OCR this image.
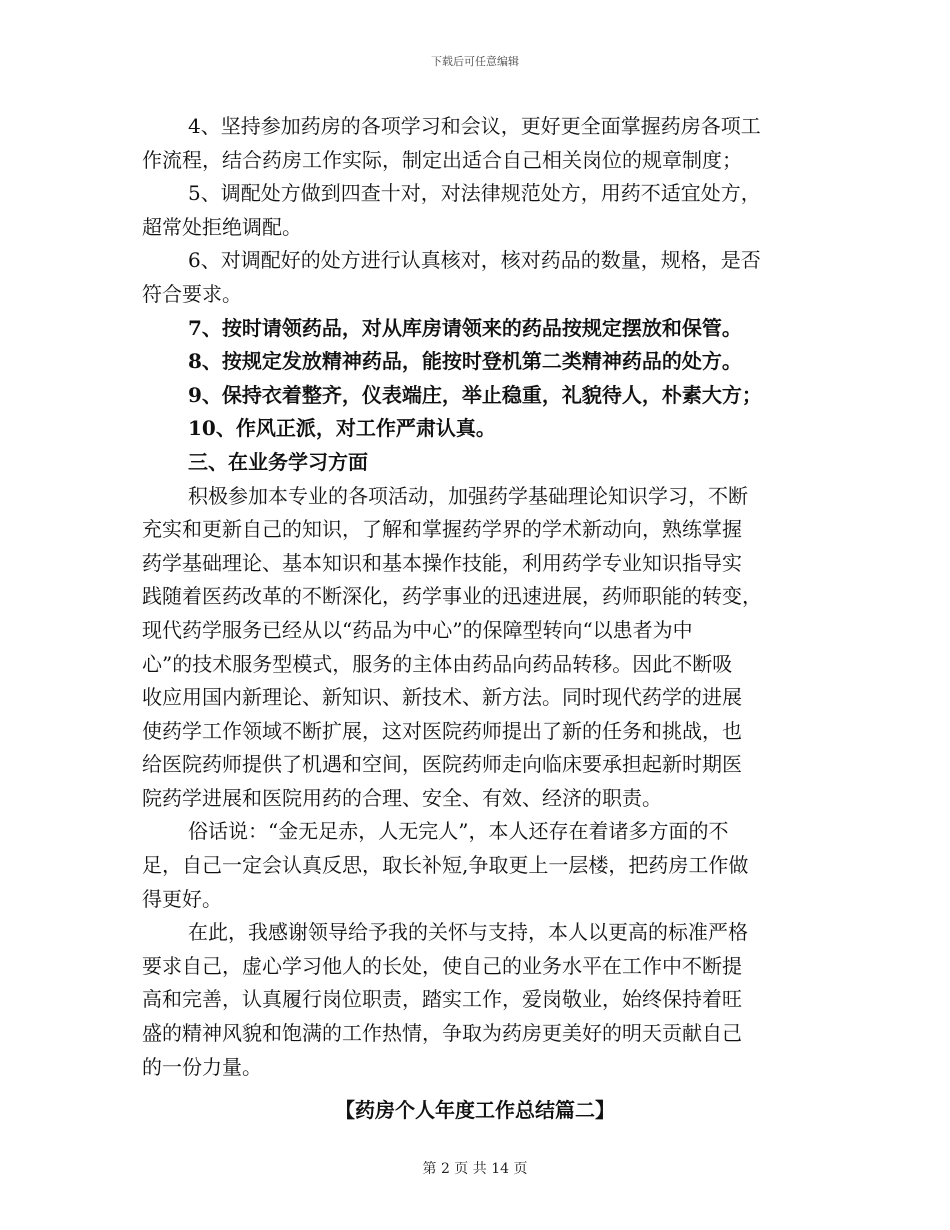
下载后可任意编辑
4、坚持参加药房的各项学习和会议，更好更全面掌握药房各项工
作流程，结合药房工作实际，制定出适合自己相关岗位的规章制度；
5、调配处方做到四查十对，对法律规范处方，用药不适宜处方，
超常处拒绝调配。
6、对调配好的处方进行认真核对，核对药品的数量，规格，是否
符合要求。
7、按时请领药品，对从库房请领来的药品按规定摆放和保管。
8、按规定发放精神药品，能按时登机第二类精神药品的处方。
9、保持衣着整齐，仪表端庄，举止稳重，礼貌待人，朴素大方；
10、作风正派，对工作严肃认真。
三、在业务学习方面
积极参加本专业的各项活动，加强药学基础理论知识学习，不断
充实和更新自己的知识，了解和掌握药学界的学术新动向，熟练掌握
药学基础理论、基本知识和基本操作技能，利用药学专业知识指导实
践随着医药改革的不断深化，药学事业的迅速进展，药师职能的转变，
现代药学服务已经从以“药品为中心”的保障型转向“以患者为中
心”的技术服务型模式，服务的主体由药品向药品转移。因此不断吸
收应用国内新理论、新知识、新技术、新方法。同时现代药学的进展
使药学工作领域不断扩展，这对医院药师提出了新的任务和挑战，也
给医院药师提供了机遇和空间，医院药师走向临床要承担起新时期医
院药学进展和医院用药的合理、安全、有效、经济的职责。
俗话说：“金无足赤，人无完人”，本人还存在着诸多方面的不
足，自己一定会认真反思，取长补短,争取更上一层楼，把药房工作做
得更好。
在此，我感谢领导给予我的关怀与支持，本人以更高的标准严格
要求自己，虚心学习他人的长处，使自己的业务水平在工作中不断提
高和完善，认真履行岗位职责，踏实工作，爱岗敬业，始终保持着旺
盛的精神风貌和饱满的工作热情，争取为药房更美好的明天贡献自己
的一份力量。
【药房个人年度工作总结篇二】
第 2 页 共 14 页
